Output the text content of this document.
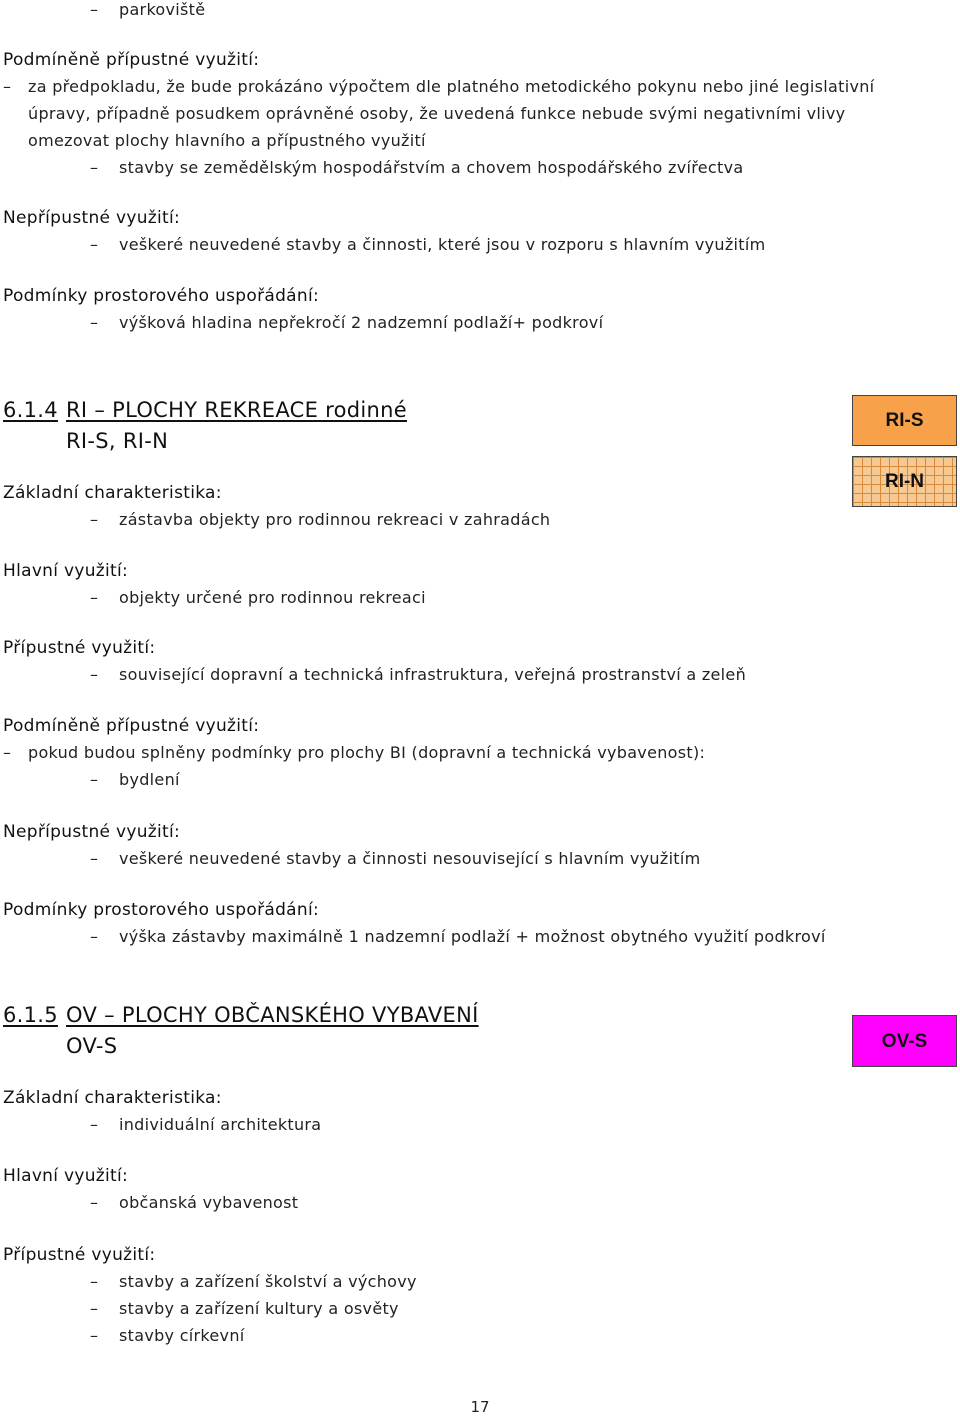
– parkoviště
Podmíněně přípustné využití:
– za předpokladu, že bude prokázáno výpočtem dle platného metodického pokynu nebo jiné legislativní
úpravy, případně posudkem oprávněné osoby, že uvedená funkce nebude svými negativními vlivy
omezovat plochy hlavního a přípustného využití
– stavby se zemědělským hospodářstvím a chovem hospodářského zvířectva
Nepřípustné využití:
– veškeré neuvedené stavby a činnosti, které jsou v rozporu s hlavním využitím
Podmínky prostorového uspořádání:
– výšková hladina nepřekročí 2 nadzemní podlaží+ podkroví
6.1.4 RI – PLOCHY REKREACE rodinné
RI-S, RI-N
RI-S
RI-N
Základní charakteristika:
– zástavba objekty pro rodinnou rekreaci v zahradách
Hlavní využití:
– objekty určené pro rodinnou rekreaci
Přípustné využití:
– související dopravní a technická infrastruktura, veřejná prostranství a zeleň
Podmíněně přípustné využití:
– pokud budou splněny podmínky pro plochy BI (dopravní a technická vybavenost):
– bydlení
Nepřípustné využití:
– veškeré neuvedené stavby a činnosti nesouvisející s hlavním využitím
Podmínky prostorového uspořádání:
– výška zástavby maximálně 1 nadzemní podlaží + možnost obytného využití podkroví
6.1.5 OV – PLOCHY OBČANSKÉHO VYBAVENÍ
OV-S	OV-S
Základní charakteristika:
– individuální architektura
Hlavní využití:
– občanská vybavenost
Přípustné využití:
– stavby a zařízení školství a výchovy
– stavby a zařízení kultury a osvěty
– stavby církevní
17
